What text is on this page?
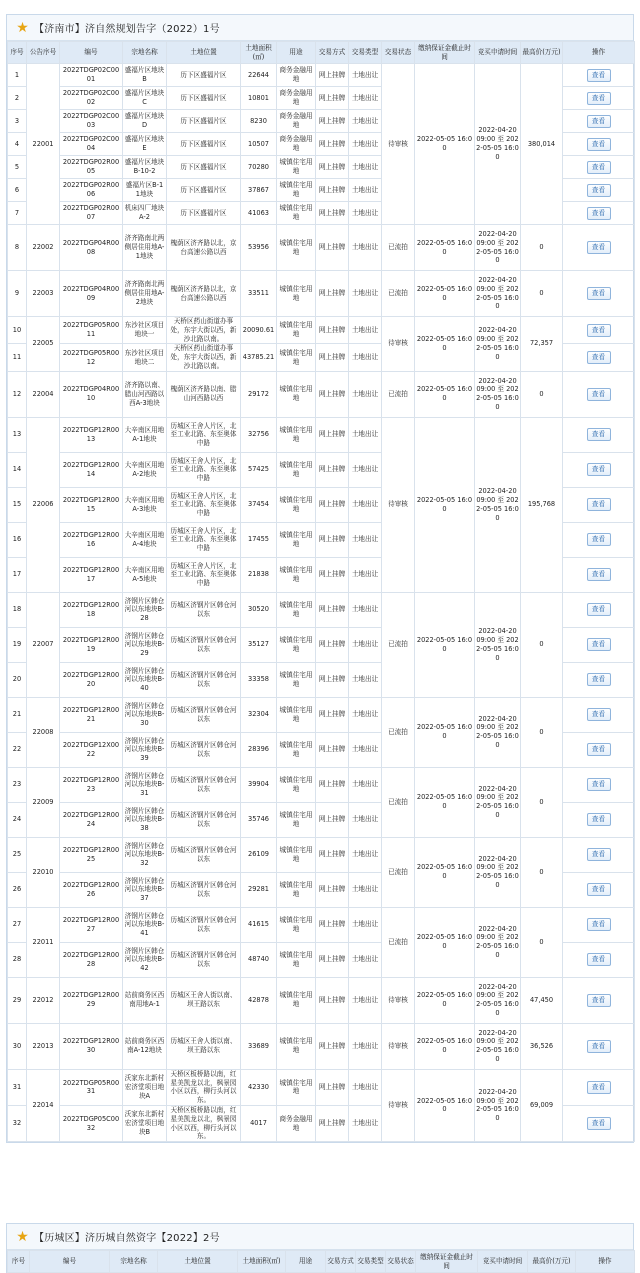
★ 【济南市】济自然规划告字（2022）1号
序号	公告序号	编号	宗地名称	土地位置	土地面积(㎡)	用途	交易方式	交易类型	交易状态	缴纳保证金截止时间	竞买申请时间	最高价(万元)	操作
1	22001	2022TDGP02C0001	盛福片区地块B	历下区盛福片区	22644	商务金融用地	网上挂牌	土地出让	待审核	2022-05-05 16:00	2022-04-20 09:00 至 2022-05-05 16:00	380,014	查看
2		2022TDGP02C0002	盛福片区地块C	历下区盛福片区	10801	商务金融用地	网上挂牌	土地出让					查看
3		2022TDGP02C0003	盛福片区地块D	历下区盛福片区	8230	商务金融用地	网上挂牌	土地出让					查看
4		2022TDGP02C0004	盛福片区地块E	历下区盛福片区	10507	商务金融用地	网上挂牌	土地出让					查看
5		2022TDGP02R0005	盛福片区地块B-10-2	历下区盛福片区	70280	城镇住宅用地	网上挂牌	土地出让					查看
6		2022TDGP02R0006	盛福片区B-11地块	历下区盛福片区	37867	城镇住宅用地	网上挂牌	土地出让					查看
7		2022TDGP02R0007	机床四厂地块A-2	历下区盛福片区	41063	城镇住宅用地	网上挂牌	土地出让					查看
8	22002	2022TDGP04R0008	济齐路南北两侧居住用地A-1地块	槐荫区济齐路以北，京台高速公路以西	53956	城镇住宅用地	网上挂牌	土地出让	已流拍	2022-05-05 16:00	2022-04-20 09:00 至 2022-05-05 16:00	0	查看
9	22003	2022TDGP04R0009	济齐路南北两侧居住用地A-2地块	槐荫区济齐路以北，京台高速公路以西	33511	城镇住宅用地	网上挂牌	土地出让	已流拍	2022-05-05 16:00	2022-04-20 09:00 至 2022-05-05 16:00	0	查看
10	22005	2022TDGP05R0011	东沙社区项目地块一	天桥区药山街道办事处，东宇大街以西，新沙北路以南。	20090.61	城镇住宅用地	网上挂牌	土地出让	待审核	2022-05-05 16:00	2022-04-20 09:00 至 2022-05-05 16:00	72,357	查看
11		2022TDGP05R0012	东沙社区项目地块二	天桥区药山街道办事处，东宇大街以西，新沙北路以南。	43785.21	城镇住宅用地	网上挂牌	土地出让					查看
12	22004	2022TDGP04R0010	济齐路以南、腊山河西路以西A-3地块	槐荫区济齐路以南、腊山河西路以西	29172	城镇住宅用地	网上挂牌	土地出让	已流拍	2022-05-05 16:00	2022-04-20 09:00 至 2022-05-05 16:00	0	查看
13	22006	2022TDGP12R0013	大辛南区用地A-1地块	历城区王舍人片区，北至工业北路、东至奥体中路	32756	城镇住宅用地	网上挂牌	土地出让	待审核	2022-05-05 16:00	2022-04-20 09:00 至 2022-05-05 16:00	195,768	查看
14		2022TDGP12R0014	大辛南区用地A-2地块	历城区王舍人片区，北至工业北路、东至奥体中路	57425	城镇住宅用地	网上挂牌	土地出让					查看
15		2022TDGP12R0015	大辛南区用地A-3地块	历城区王舍人片区，北至工业北路、东至奥体中路	37454	城镇住宅用地	网上挂牌	土地出让					查看
16		2022TDGP12R0016	大辛南区用地A-4地块	历城区王舍人片区，北至工业北路、东至奥体中路	17455	城镇住宅用地	网上挂牌	土地出让					查看
17		2022TDGP12R0017	大辛南区用地A-5地块	历城区王舍人片区，北至工业北路、东至奥体中路	21838	城镇住宅用地	网上挂牌	土地出让					查看
18	22007	2022TDGP12R0018	济钢片区韩仓河以东地块B-28	历城区济钢片区韩仓河以东	30520	城镇住宅用地	网上挂牌	土地出让	已流拍	2022-05-05 16:00	2022-04-20 09:00 至 2022-05-05 16:00	0	查看
19		2022TDGP12R0019	济钢片区韩仓河以东地块B-29	历城区济钢片区韩仓河以东	35127	城镇住宅用地	网上挂牌	土地出让					查看
20		2022TDGP12R0020	济钢片区韩仓河以东地块B-40	历城区济钢片区韩仓河以东	33358	城镇住宅用地	网上挂牌	土地出让					查看
21	22008	2022TDGP12R0021	济钢片区韩仓河以东地块B-30	历城区济钢片区韩仓河以东	32304	城镇住宅用地	网上挂牌	土地出让	已流拍	2022-05-05 16:00	2022-04-20 09:00 至 2022-05-05 16:00	0	查看
22		2022TDGP12X0022	济钢片区韩仓河以东地块B-39	历城区济钢片区韩仓河以东	28396	城镇住宅用地	网上挂牌	土地出让					查看
23	22009	2022TDGP12R0023	济钢片区韩仓河以东地块B-31	历城区济钢片区韩仓河以东	39904	城镇住宅用地	网上挂牌	土地出让	已流拍	2022-05-05 16:00	2022-04-20 09:00 至 2022-05-05 16:00	0	查看
24		2022TDGP12R0024	济钢片区韩仓河以东地块B-38	历城区济钢片区韩仓河以东	35746	城镇住宅用地	网上挂牌	土地出让					查看
25	22010	2022TDGP12R0025	济钢片区韩仓河以东地块B-32	历城区济钢片区韩仓河以东	26109	城镇住宅用地	网上挂牌	土地出让	已流拍	2022-05-05 16:00	2022-04-20 09:00 至 2022-05-05 16:00	0	查看
26		2022TDGP12R0026	济钢片区韩仓河以东地块B-37	历城区济钢片区韩仓河以东	29281	城镇住宅用地	网上挂牌	土地出让					查看
27	22011	2022TDGP12R0027	济钢片区韩仓河以东地块B-41	历城区济钢片区韩仓河以东	41615	城镇住宅用地	网上挂牌	土地出让	已流拍	2022-05-05 16:00	2022-04-20 09:00 至 2022-05-05 16:00	0	查看
28		2022TDGP12R0028	济钢片区韩仓河以东地块B-42	历城区济钢片区韩仓河以东	48740	城镇住宅用地	网上挂牌	土地出让					查看
29	22012	2022TDGP12R0029	站前商务区西南用地A-1	历城区王舍人街以南、坝王路以东	42878	城镇住宅用地	网上挂牌	土地出让	待审核	2022-05-05 16:00	2022-04-20 09:00 至 2022-05-05 16:00	47,450	查看
30	22013	2022TDGP12R0030	站前商务区西南A-12地块	历城区王舍人街以南、坝王路以东	33689	城镇住宅用地	网上挂牌	土地出让	待审核	2022-05-05 16:00	2022-04-20 09:00 至 2022-05-05 16:00	36,526	查看
31	22014	2022TDGP05R0031	沃家东北新村宏济堂项目地块A	天桥区板桥路以南，红星美凯龙以北，枫景园小区以西，柳行头河以东。	42330	城镇住宅用地	网上挂牌	土地出让	待审核	2022-05-05 16:00	2022-04-20 09:00 至 2022-05-05 16:00	69,009	查看
32		2022TDGP05C0032	沃家东北新村宏济堂项目地块B	天桥区板桥路以南，红星美凯龙以北，枫景园小区以西，柳行头河以东。	4017	商务金融用地	网上挂牌	土地出让					查看
★ 【历城区】济历城自然资字【2022】2号
序号	编号	宗地名称	土地位置	土地面积(㎡)	用途	交易方式	交易类型	交易状态	缴纳保证金截止时间	竞买申请时间	最高价(万元)	操作
